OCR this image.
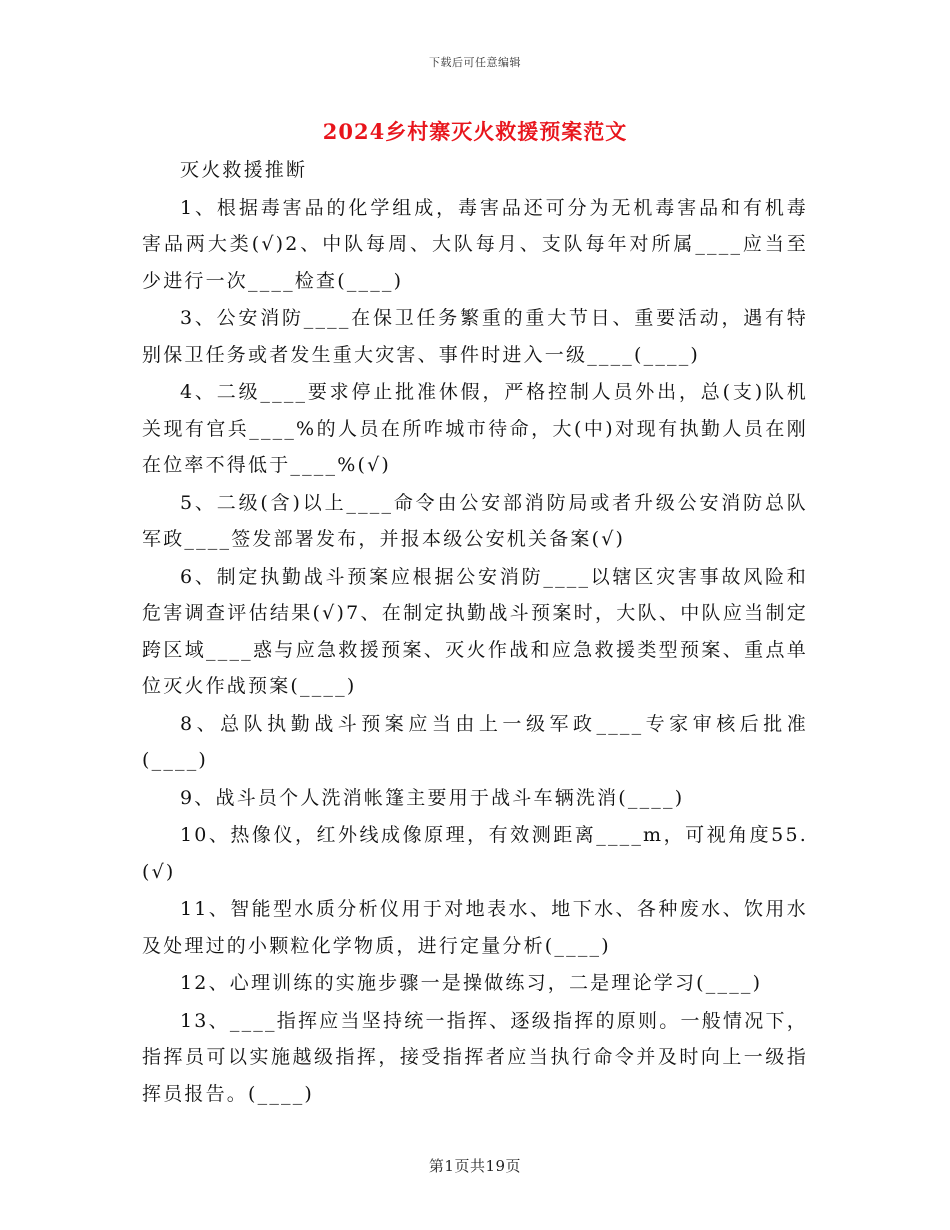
下载后可任意编辑
2024乡村寨灭火救援预案范文

灭火救援推断

1、根据毒害品的化学组成，毒害品还可分为无机毒害品和有机毒害品两大类(√)2、中队每周、大队每月、支队每年对所属____应当至少进行一次____检查(____)

3、公安消防____在保卫任务繁重的重大节日、重要活动，遇有特别保卫任务或者发生重大灾害、事件时进入一级____(____)

4、二级____要求停止批准休假，严格控制人员外出，总(支)队机关现有官兵____%的人员在所咋城市待命，大(中)对现有执勤人员在刚在位率不得低于____%(√)

5、二级(含)以上____命令由公安部消防局或者升级公安消防总队军政____签发部署发布，并报本级公安机关备案(√)

6、制定执勤战斗预案应根据公安消防____以辖区灾害事故风险和危害调查评估结果(√)7、在制定执勤战斗预案时，大队、中队应当制定跨区域____惑与应急救援预案、灭火作战和应急救援类型预案、重点单位灭火作战预案(____)

8、总队执勤战斗预案应当由上一级军政____专家审核后批准(____)

9、战斗员个人洗消帐篷主要用于战斗车辆洗消(____)

10、热像仪，红外线成像原理，有效测距离____m，可视角度55.(√)

11、智能型水质分析仪用于对地表水、地下水、各种废水、饮用水及处理过的小颗粒化学物质，进行定量分析(____)

12、心理训练的实施步骤一是操做练习，二是理论学习(____)

13、____指挥应当坚持统一指挥、逐级指挥的原则。一般情况下，指挥员可以实施越级指挥，接受指挥者应当执行命令并及时向上一级指挥员报告。(____)

第1页共19页
